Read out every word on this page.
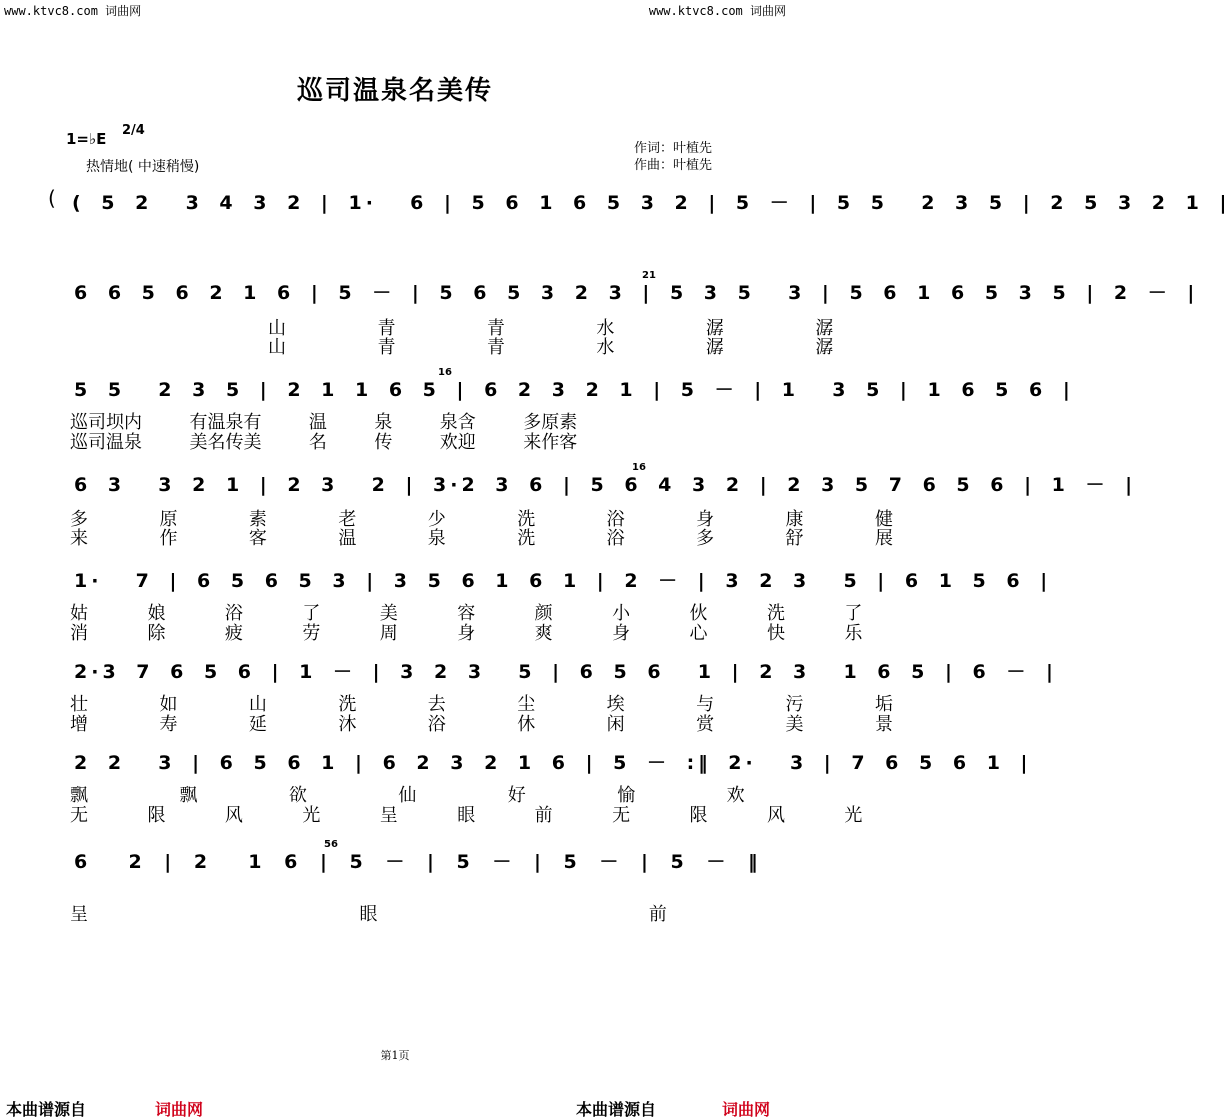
www.ktvc8.com 词曲网	www.ktvc8.com 词曲网
巡司温泉名美传
1=♭E 2/4
热情地( 中速稍慢)
作词：叶植先
作曲：叶植先
( ( 5 2  3 4 3 2 | 1·  6 | 5 6 1 6 5 3 2 | 5 － | 5 5  2 3 5 | 2 5 3 2 1 |
6 6 5 6 2 1 6 | 5 － | 5 6 5 3 2 3 | 5 3 5  3 | 5 6 1 6 5 3 5 | 2 － |
21
山  青  青  水  潺  潺
山  青  青  水  潺  潺
5 5  2 3 5 | 2 1 1 6 5 | 6 2 3 2 1 | 5 － | 1  3 5 | 1 6 5 6 |
16
巡司坝内  有温泉有  温  泉  泉含  多原素
巡司温泉  美名传美  名  传  欢迎  来作客
6 3  3 2 1 | 2 3  2 | 3·2 3 6 | 5 6 4 3 2 | 2 3 5 7 6 5 6 | 1 － |
16
多  原  素  老  少  洗  浴  身  康  健
来  作  客  温  泉  洗  浴  多  舒  展
1·  7 | 6 5 6 5 3 | 3 5 6 1 6 1 | 2 － | 3 2 3  5 | 6 1 5 6 |
姑  娘  浴  了  美  容  颜  小  伙  洗  了
消  除  疲  劳  周  身  爽  身  心  快  乐
2·3 7 6 5 6 | 1 － | 3 2 3  5 | 6 5 6  1 | 2 3  1 6 5 | 6 － |
壮  如  山  洗  去  尘  埃  与  污  垢
增  寿  延  沐  浴  休  闲  赏  美  景
2 2  3 | 6 5 6 1 | 6 2 3 2 1 6 | 5 － :‖ 2·  3 | 7 6 5 6 1 |
飘  飘  欲  仙  好  愉  欢
无  限  风  光  呈  眼  前  无  限  风  光
6  2 | 2  1 6 | 5 － | 5 － | 5 － | 5 － ‖
56
呈  眼  前
第1页
本曲谱源自	词曲网	本曲谱源自	词曲网
